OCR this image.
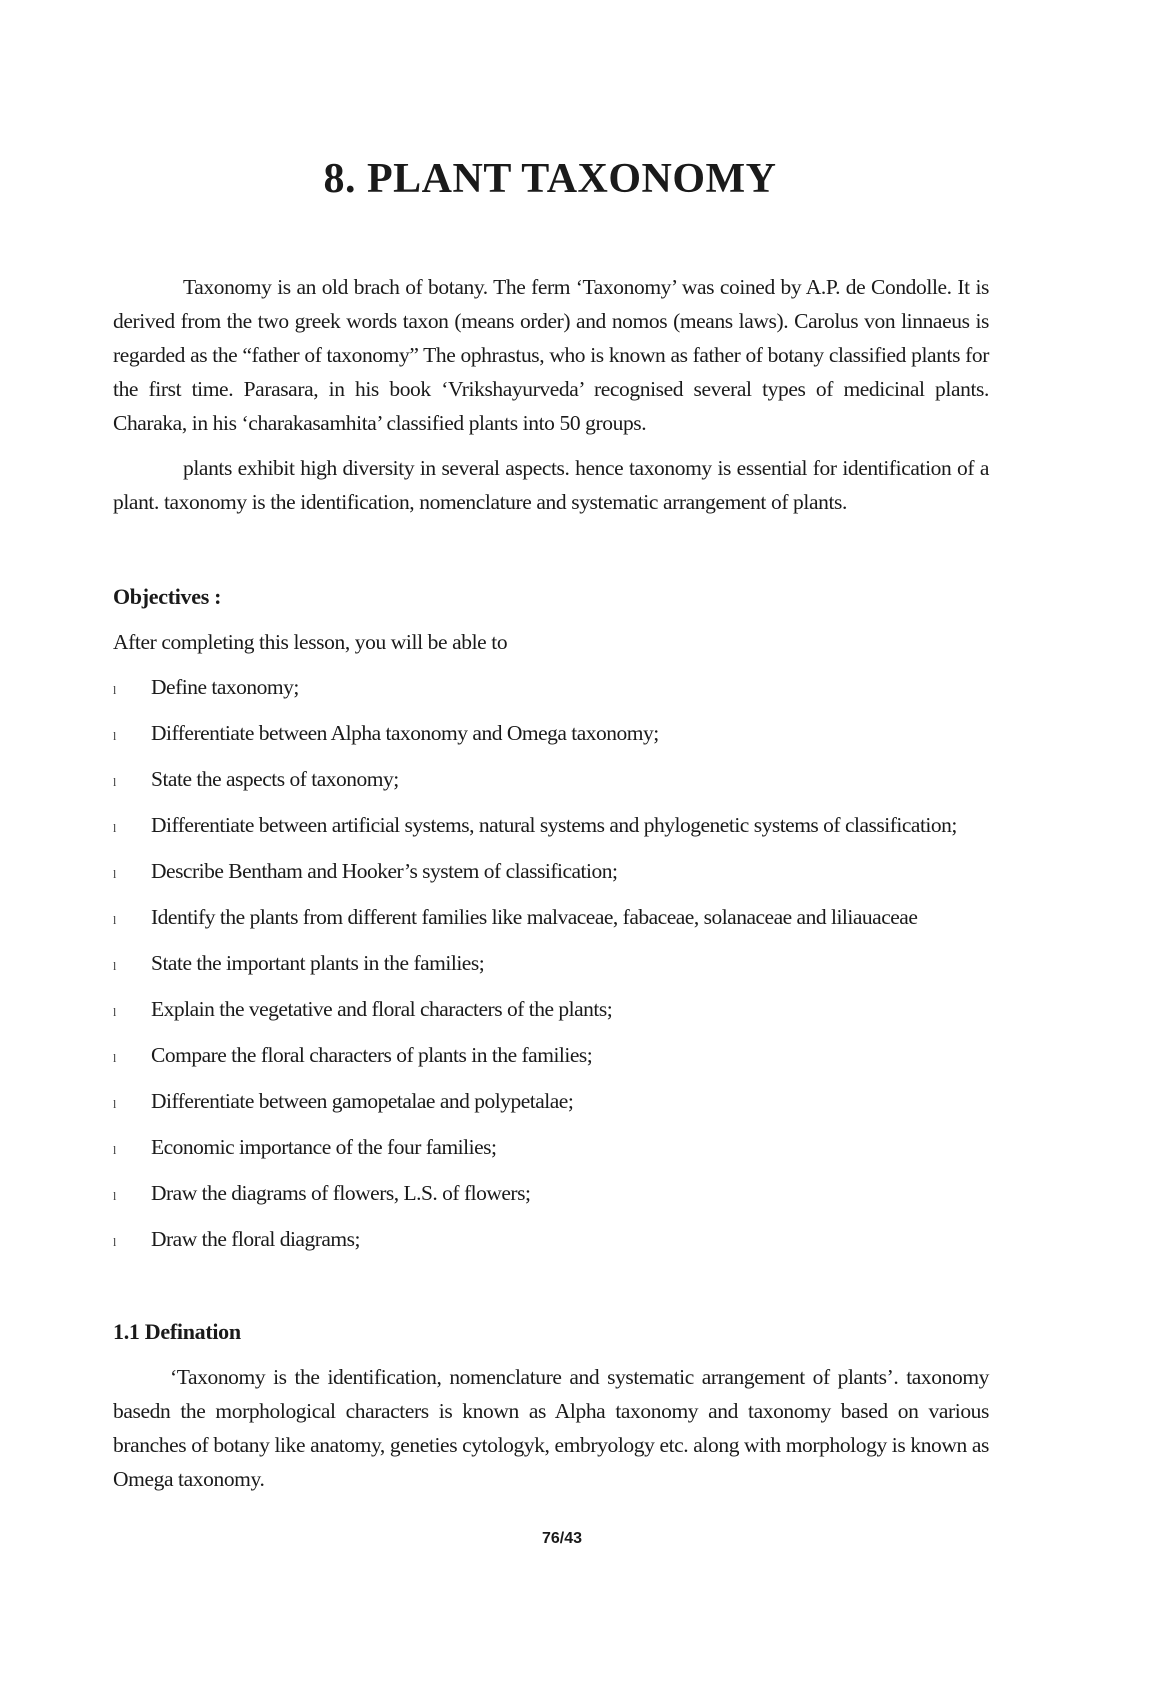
8. PLANT TAXONOMY

Taxonomy is an old brach of botany. The ferm ‘Taxonomy’ was coined by A.P. de Condolle. It is derived from the two greek words taxon (means order) and nomos (means laws). Carolus von linnaeus is regarded as the “father of taxonomy” The ophrastus, who is known as father of botany classified plants for the first time. Parasara, in his book ‘Vrikshayurveda’ recognised several types of medicinal plants. Charaka, in his ‘charakasamhita’ classified plants into 50 groups.

plants exhibit high diversity in several aspects. hence taxonomy is essential for identification of a plant. taxonomy is the identification, nomenclature and systematic arrangement of plants.

Objectives :

After completing this lesson, you will be able to

l Define taxonomy;
l Differentiate between Alpha taxonomy and Omega taxonomy;
l State the aspects of taxonomy;
l Differentiate between artificial systems, natural systems and phylogenetic systems of classification;
l Describe Bentham and Hooker’s system of classification;
l Identify the plants from different families like malvaceae, fabaceae, solanaceae and liliauaceae
l State the important plants in the families;
l Explain the vegetative and floral characters of the plants;
l Compare the floral characters of plants in the families;
l Differentiate between gamopetalae and polypetalae;
l Economic importance of the four families;
l Draw the diagrams of flowers, L.S. of flowers;
l Draw the floral diagrams;
1.1 Defination

‘Taxonomy is the identification, nomenclature and systematic arrangement of plants’. taxonomy basedn the morphological characters is known as Alpha taxonomy and taxonomy based on various branches of botany like anatomy, geneties cytologyk, embryology etc. along with morphology is known as Omega taxonomy.

76/43
